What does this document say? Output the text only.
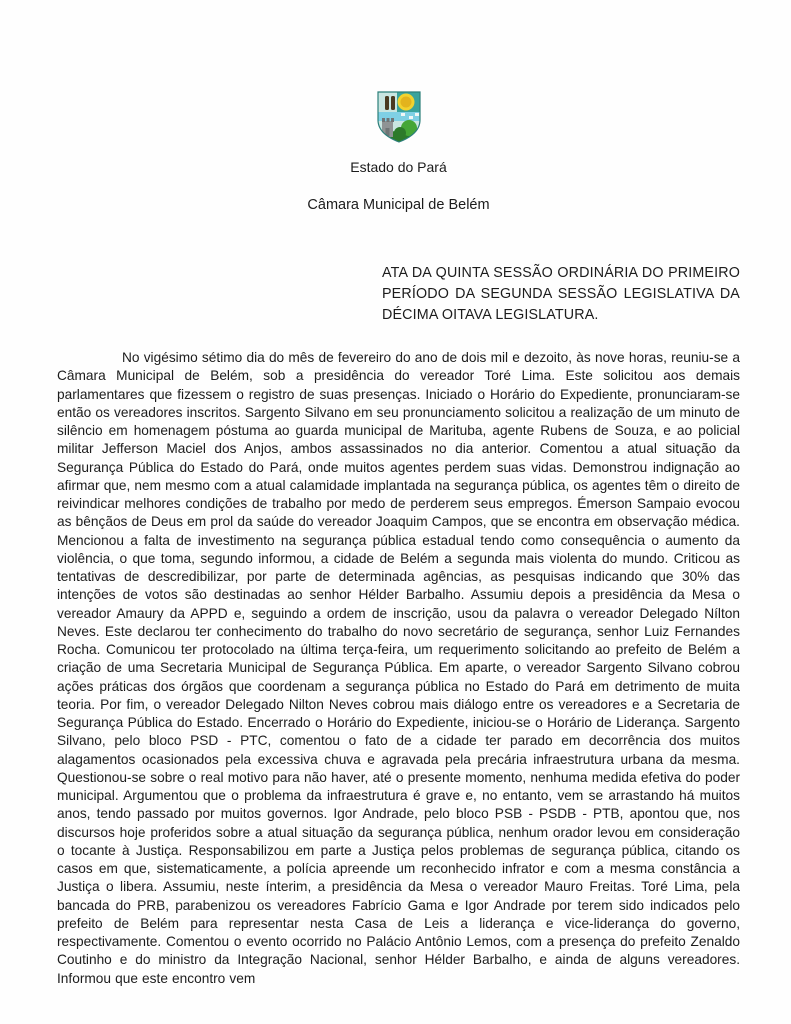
Estado do Pará
Câmara Municipal de Belém
ATA DA QUINTA SESSÃO ORDINÁRIA DO PRIMEIRO PERÍODO DA SEGUNDA SESSÃO LEGISLATIVA DA DÉCIMA OITAVA LEGISLATURA.

No vigésimo sétimo dia do mês de fevereiro do ano de dois mil e dezoito, às nove horas, reuniu-se a Câmara Municipal de Belém, sob a presidência do vereador Toré Lima. Este solicitou aos demais parlamentares que fizessem o registro de suas presenças. Iniciado o Horário do Expediente, pronunciaram-se então os vereadores inscritos. Sargento Silvano em seu pronunciamento solicitou a realização de um minuto de silêncio em homenagem póstuma ao guarda municipal de Marituba, agente Rubens de Souza, e ao policial militar Jefferson Maciel dos Anjos, ambos assassinados no dia anterior. Comentou a atual situação da Segurança Pública do Estado do Pará, onde muitos agentes perdem suas vidas. Demonstrou indignação ao afirmar que, nem mesmo com a atual calamidade implantada na segurança pública, os agentes têm o direito de reivindicar melhores condições de trabalho por medo de perderem seus empregos. Émerson Sampaio evocou as bênçãos de Deus em prol da saúde do vereador Joaquim Campos, que se encontra em observação médica. Mencionou a falta de investimento na segurança pública estadual tendo como consequência o aumento da violência, o que toma, segundo informou, a cidade de Belém a segunda mais violenta do mundo. Criticou as tentativas de descredibilizar, por parte de determinada agências, as pesquisas indicando que 30% das intenções de votos são destinadas ao senhor Hélder Barbalho. Assumiu depois a presidência da Mesa o vereador Amaury da APPD e, seguindo a ordem de inscrição, usou da palavra o vereador Delegado Nílton Neves. Este declarou ter conhecimento do trabalho do novo secretário de segurança, senhor Luiz Fernandes Rocha. Comunicou ter protocolado na última terça-feira, um requerimento solicitando ao prefeito de Belém a criação de uma Secretaria Municipal de Segurança Pública. Em aparte, o vereador Sargento Silvano cobrou ações práticas dos órgãos que coordenam a segurança pública no Estado do Pará em detrimento de muita teoria. Por fim, o vereador Delegado Nilton Neves cobrou mais diálogo entre os vereadores e a Secretaria de Segurança Pública do Estado. Encerrado o Horário do Expediente, iniciou-se o Horário de Liderança. Sargento Silvano, pelo bloco PSD - PTC, comentou o fato de a cidade ter parado em decorrência dos muitos alagamentos ocasionados pela excessiva chuva e agravada pela precária infraestrutura urbana da mesma. Questionou-se sobre o real motivo para não haver, até o presente momento, nenhuma medida efetiva do poder municipal. Argumentou que o problema da infraestrutura é grave e, no entanto, vem se arrastando há muitos anos, tendo passado por muitos governos. Igor Andrade, pelo bloco PSB - PSDB - PTB, apontou que, nos discursos hoje proferidos sobre a atual situação da segurança pública, nenhum orador levou em consideração o tocante à Justiça. Responsabilizou em parte a Justiça pelos problemas de segurança pública, citando os casos em que, sistematicamente, a polícia apreende um reconhecido infrator e com a mesma constância a Justiça o libera. Assumiu, neste ínterim, a presidência da Mesa o vereador Mauro Freitas. Toré Lima, pela bancada do PRB, parabenizou os vereadores Fabrício Gama e Igor Andrade por terem sido indicados pelo prefeito de Belém para representar nesta Casa de Leis a liderança e vice-liderança do governo, respectivamente. Comentou o evento ocorrido no Palácio Antônio Lemos, com a presença do prefeito Zenaldo Coutinho e do ministro da Integração Nacional, senhor Hélder Barbalho, e ainda de alguns vereadores. Informou que este encontro vem
